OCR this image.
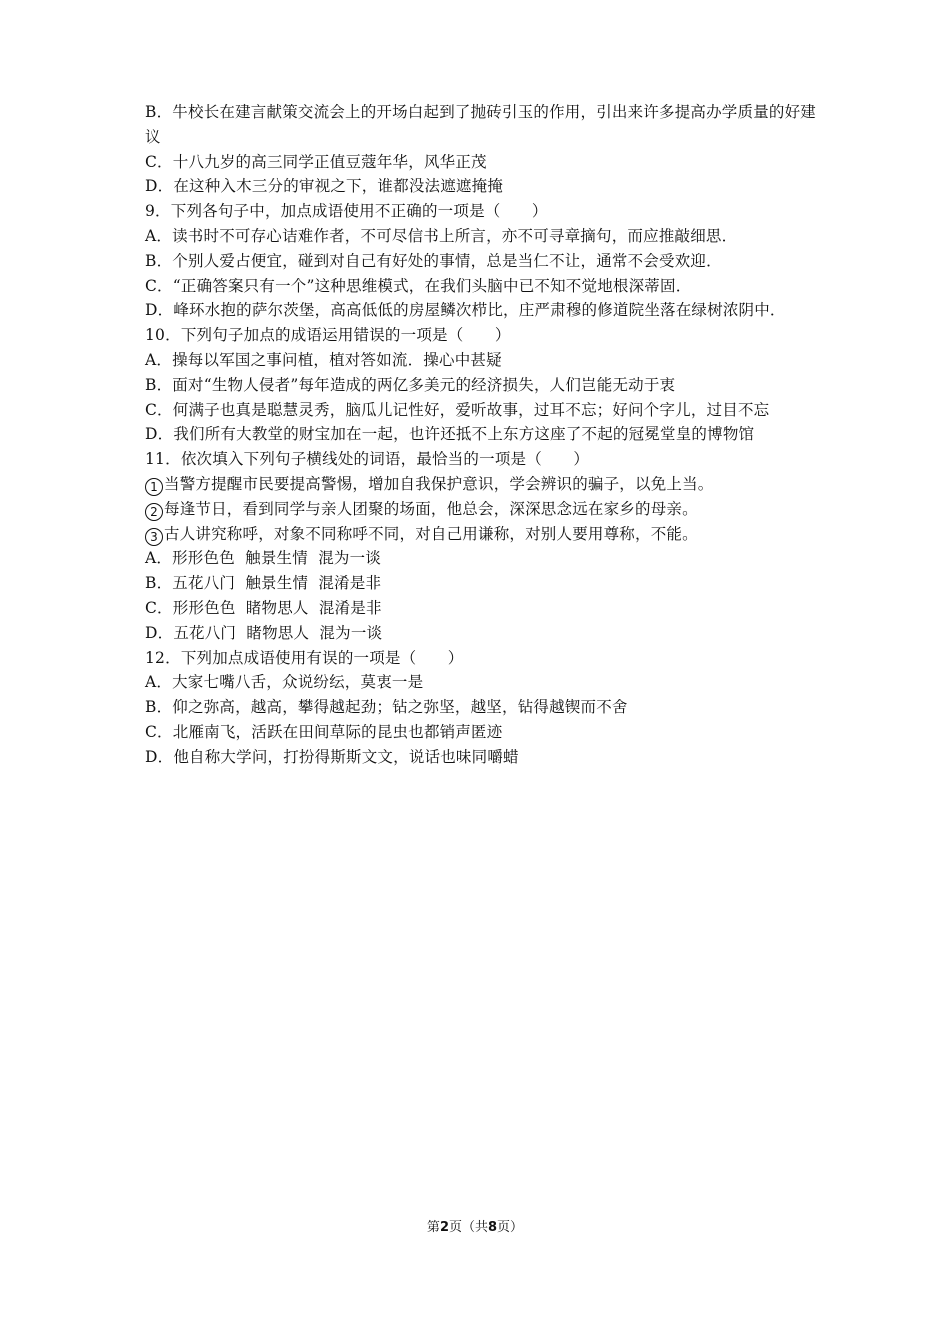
B．牛校长在建言献策交流会上的开场白起到了抛砖引玉的作用，引出来许多提高办学质量的好建议
C．十八九岁的高三同学正值豆蔻年华，风华正茂
D．在这种入木三分的审视之下，谁都没法遮遮掩掩
9．下列各句子中，加点成语使用不正确的一项是（　　）
A．读书时不可存心诘难作者，不可尽信书上所言，亦不可寻章摘句，而应推敲细思．
B．个别人爱占便宜，碰到对自己有好处的事情，总是当仁不让，通常不会受欢迎．
C．“正确答案只有一个”这种思维模式，在我们头脑中已不知不觉地根深蒂固．
D．峰环水抱的萨尔茨堡，高高低低的房屋鳞次栉比，庄严肃穆的修道院坐落在绿树浓阴中．
10．下列句子加点的成语运用错误的一项是（　　）
A．操每以军国之事问植，植对答如流．操心中甚疑
B．面对“生物人侵者”每年造成的两亿多美元的经济损失，人们岂能无动于衷
C．何满子也真是聪慧灵秀，脑瓜儿记性好，爱听故事，过耳不忘；好问个字儿，过目不忘
D．我们所有大教堂的财宝加在一起，也许还抵不上东方这座了不起的冠冕堂皇的博物馆
11．依次填入下列句子横线处的词语，最恰当的一项是（　　）
1 当警方提醒市民要提高警惕，增加自我保护意识，学会辨识的骗子，以免上当。
2 每逢节日，看到同学与亲人团聚的场面，他总会，深深思念远在家乡的母亲。
3 古人讲究称呼，对象不同称呼不同，对自己用谦称，对别人要用尊称，不能。
A．形形色色  触景生情  混为一谈
B．五花八门  触景生情  混淆是非
C．形形色色  睹物思人  混淆是非
D．五花八门  睹物思人  混为一谈
12．下列加点成语使用有误的一项是（　　）
A．大家七嘴八舌，众说纷纭，莫衷一是
B．仰之弥高，越高，攀得越起劲；钻之弥坚，越坚，钻得越锲而不舍
C．北雁南飞，活跃在田间草际的昆虫也都销声匿迹
D．他自称大学问，打扮得斯斯文文，说话也味同嚼蜡
第2页（共8页）
